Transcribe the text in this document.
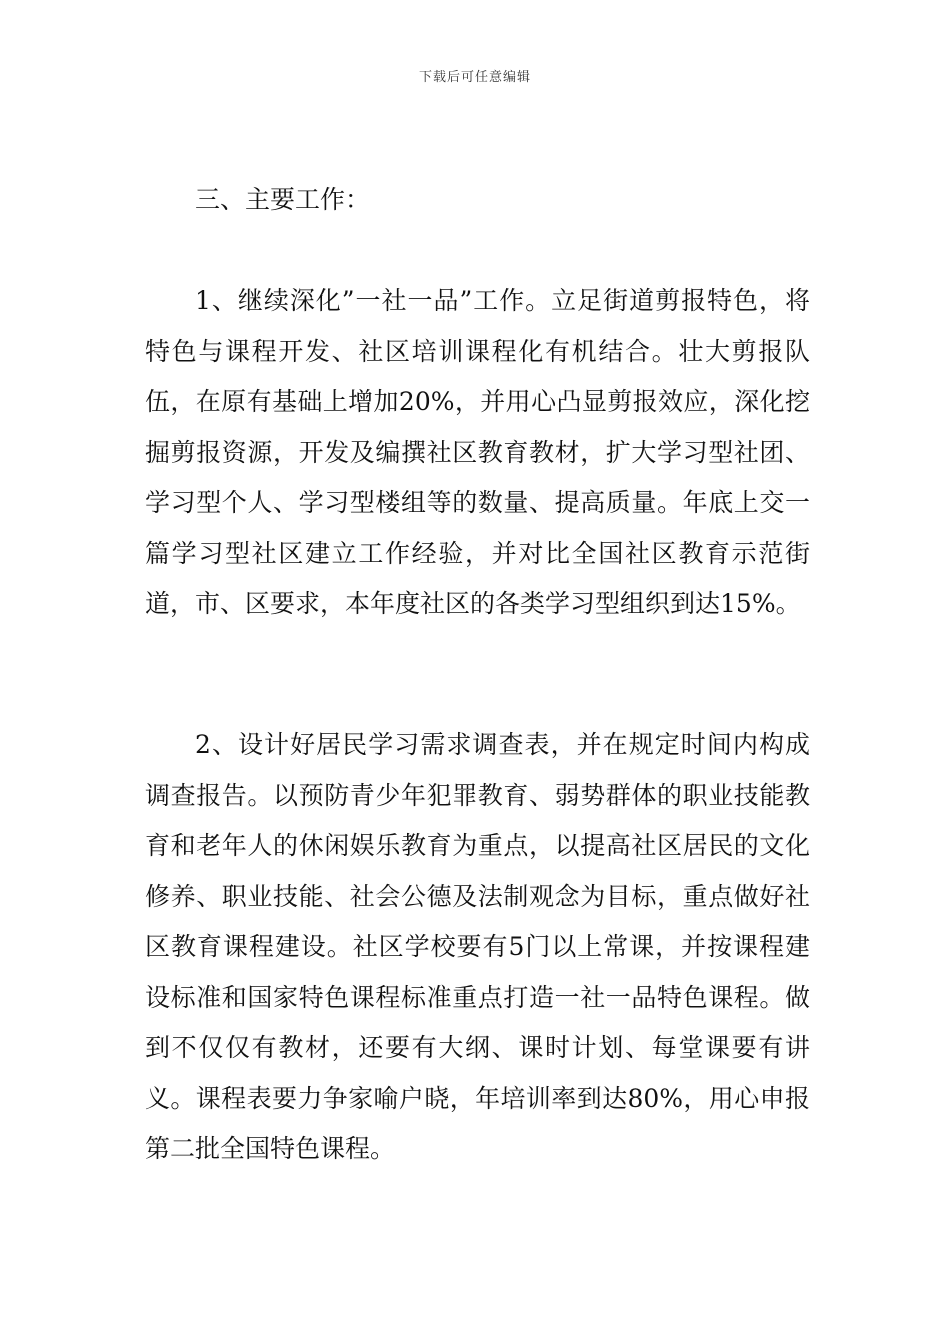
下载后可任意编辑
三、主要工作：

1、继续深化”一社一品”工作。立足街道剪报特色，将特色与课程开发、社区培训课程化有机结合。壮大剪报队伍，在原有基础上增加20%，并用心凸显剪报效应，深化挖掘剪报资源，开发及编撰社区教育教材，扩大学习型社团、学习型个人、学习型楼组等的数量、提高质量。年底上交一篇学习型社区建立工作经验，并对比全国社区教育示范街道，市、区要求，本年度社区的各类学习型组织到达15%。

2、设计好居民学习需求调查表，并在规定时间内构成调查报告。以预防青少年犯罪教育、弱势群体的职业技能教育和老年人的休闲娱乐教育为重点，以提高社区居民的文化修养、职业技能、社会公德及法制观念为目标，重点做好社区教育课程建设。社区学校要有5门以上常课，并按课程建设标准和国家特色课程标准重点打造一社一品特色课程。做到不仅仅有教材，还要有大纲、课时计划、每堂课要有讲义。课程表要力争家喻户晓，年培训率到达80%，用心申报第二批全国特色课程。
